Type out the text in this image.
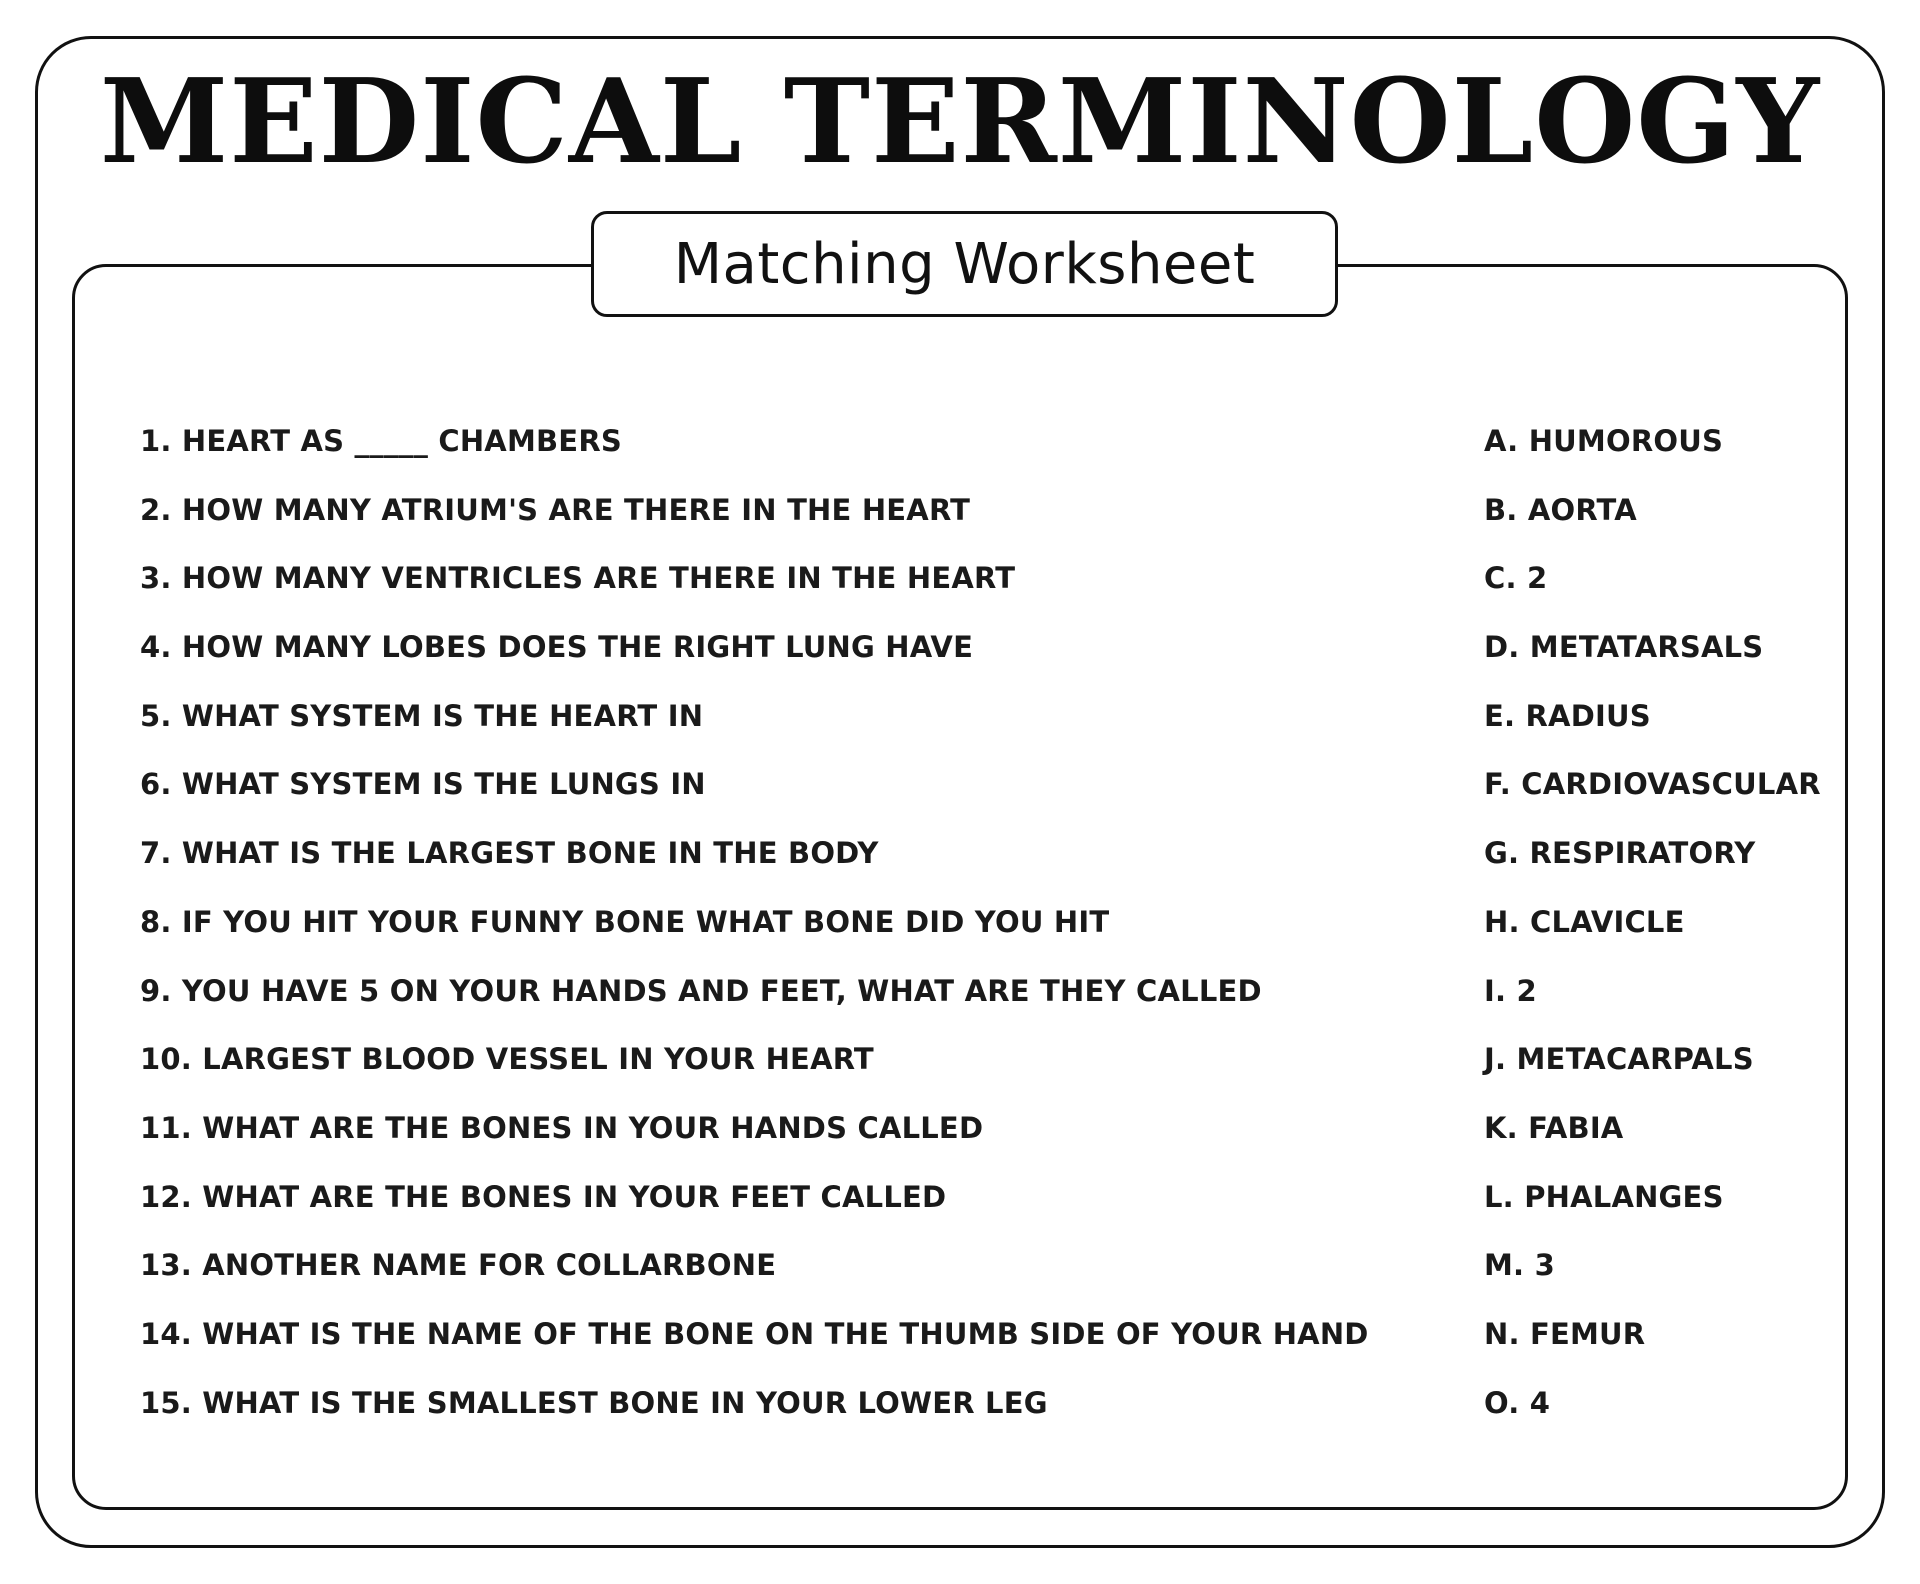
MEDICAL TERMINOLOGY
Matching Worksheet
1. HEART AS _____ CHAMBERS
2. HOW MANY ATRIUM'S ARE THERE IN THE HEART
3. HOW MANY VENTRICLES ARE THERE IN THE HEART
4. HOW MANY LOBES DOES THE RIGHT LUNG HAVE
5. WHAT SYSTEM IS THE HEART IN
6. WHAT SYSTEM IS THE LUNGS IN
7. WHAT IS THE LARGEST BONE IN THE BODY
8. IF YOU HIT YOUR FUNNY BONE WHAT BONE DID YOU HIT
9. YOU HAVE 5 ON YOUR HANDS AND FEET, WHAT ARE THEY CALLED
10. LARGEST BLOOD VESSEL IN YOUR HEART
11. WHAT ARE THE BONES IN YOUR HANDS CALLED
12. WHAT ARE THE BONES IN YOUR FEET CALLED
13. ANOTHER NAME FOR COLLARBONE
14. WHAT IS THE NAME OF THE BONE ON THE THUMB SIDE OF YOUR HAND
15. WHAT IS THE SMALLEST BONE IN YOUR LOWER LEG
A. HUMOROUS
B. AORTA
C. 2
D. METATARSALS
E. RADIUS
F. CARDIOVASCULAR
G. RESPIRATORY
H. CLAVICLE
I. 2
J. METACARPALS
K. FABIA
L. PHALANGES
M. 3
N. FEMUR
O. 4
